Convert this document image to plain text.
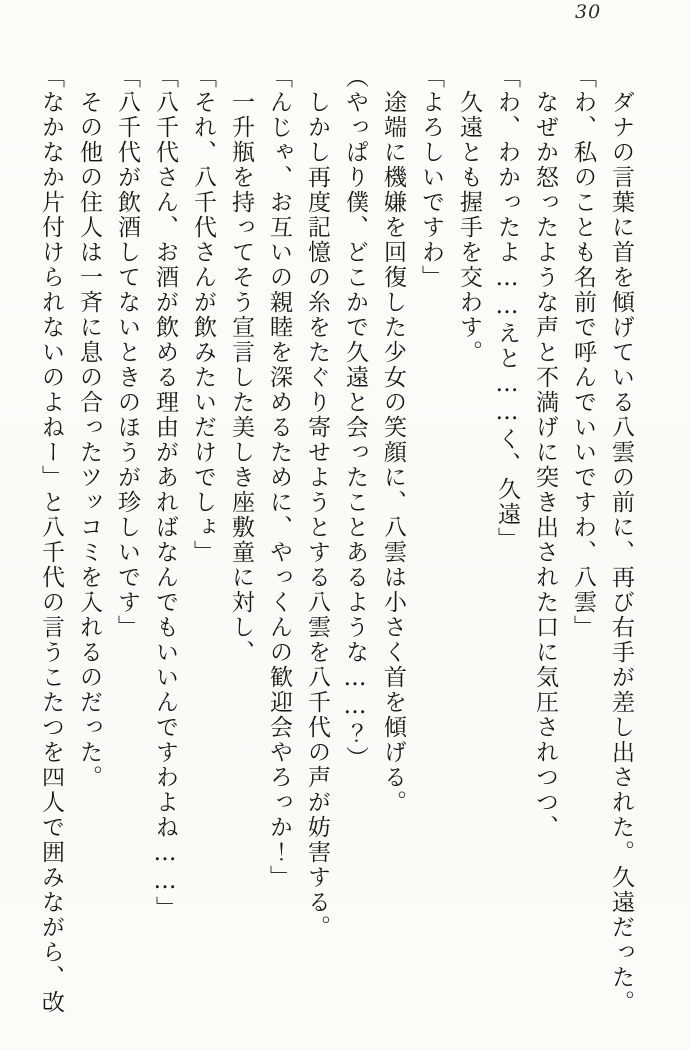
30

ダナの言葉に首を傾げている八雲の前に、再び右手が差し出された。久遠だった。

「わ、私のことも名前で呼んでいいですわ、八雲」

なぜか怒ったような声と不満げに突き出された口に気圧されつつ、

「わ、わかったよ……えと……く、久遠」

久遠とも握手を交わす。

「よろしいですわ」

途端に機嫌を回復した少女の笑顔に、八雲は小さく首を傾げる。

（やっぱり僕、どこかで久遠と会ったことあるような……？）

しかし再度記憶の糸をたぐり寄せようとする八雲を八千代の声が妨害する。

「んじゃ、お互いの親睦を深めるために、やっくんの歓迎会やろっか！」

一升瓶を持ってそう宣言した美しき座敷童に対し、

「それ、八千代さんが飲みたいだけでしょ」

「八千代さん、お酒が飲める理由があればなんでもいいんですわよね……」

「八千代が飲酒してないときのほうが珍しいです」

その他の住人は一斉に息の合ったツッコミを入れるのだった。

「なかなか片付けられないのよねー」と八千代の言うこたつを四人で囲みながら、改
